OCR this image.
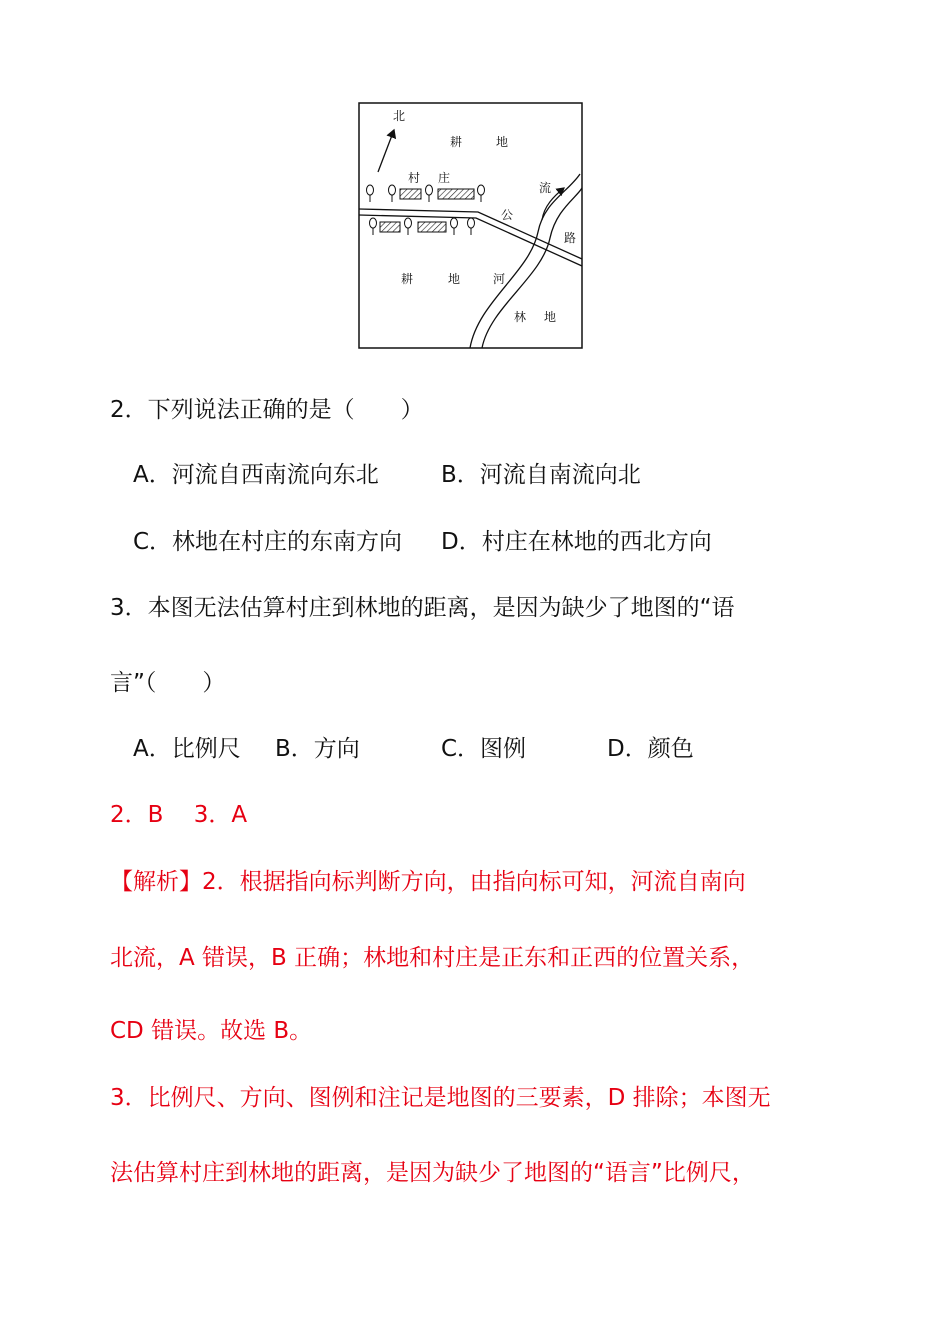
北
耕	地
村 庄
流
公
路
耕	地	河
林 地
2．下列说法正确的是（　　）
A．河流自西南流向东北	B．河流自南流向北
C．林地在村庄的东南方向 D．村庄在林地的西北方向
3．本图无法估算村庄到林地的距离，是因为缺少了地图的“语
言”（　　）
A．比例尺 B．方向	C．图例	D．颜色
2．B　 3．A
【解析】2．根据指向标判断方向，由指向标可知，河流自南向
北流，A 错误，B 正确；林地和村庄是正东和正西的位置关系，
CD 错误。故选 B。
3．比例尺、方向、图例和注记是地图的三要素，D 排除；本图无
法估算村庄到林地的距离，是因为缺少了地图的“语言”比例尺，
